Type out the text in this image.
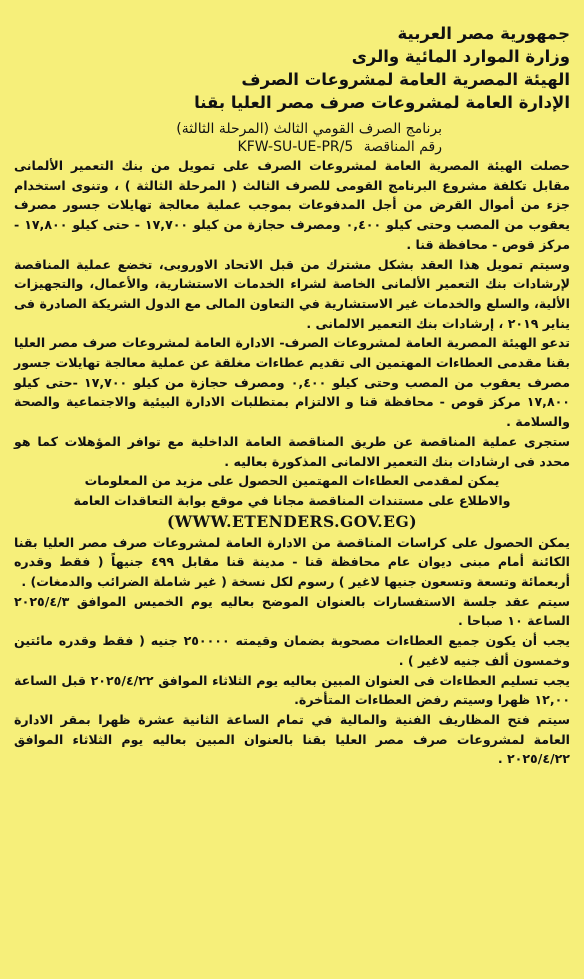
جمهورية مصر العربية
وزارة الموارد المائية والرى
الهيئة المصرية العامة لمشروعات الصرف
الإدارة العامة لمشروعات صرف مصر العليا بقنا
برنامج الصرف القومي الثالث (المرحلة الثالثة)
رقم المناقصة KFW-SU-UE-PR/5

حصلت الهيئة المصرية العامة لمشروعات الصرف على تمويل من بنك التعمير الألمانى مقابل تكلفة مشروع البرنامج القومى للصرف الثالث ( المرحلة الثالثة ) ، وتنوى استخدام جزء من أموال القرض من أجل المدفوعات بموجب عملية معالجة تهايلات جسور مصرف يعقوب من المصب وحتى كيلو ٠,٤٠٠ ومصرف حجازة من كيلو ١٧,٧٠٠ - حتى كيلو ١٧,٨٠٠ - مركز قوص - محافظة قنا .

وسيتم تمويل هذا العقد بشكل مشترك من قبل الاتحاد الاوروبى، تخضع عملية المناقصة لإرشادات بنك التعمير الألمانى الخاصة لشراء الخدمات الاستشارية، والأعمال، والتجهيزات الألية، والسلع والخدمات غير الاستشارية في التعاون المالى مع الدول الشريكة الصادرة فى يناير ٢٠١٩ ، إرشادات بنك التعمير الالمانى .

تدعو الهيئة المصرية العامة لمشروعات الصرف- الادارة العامة لمشروعات صرف مصر العليا بقنا مقدمى العطاءات المهتمين الى تقديم عطاءات مغلقة عن عملية معالجة تهايلات جسور مصرف يعقوب من المصب وحتى كيلو ٠,٤٠٠ ومصرف حجازة من كيلو ١٧,٧٠٠ -حتى كيلو ١٧,٨٠٠ مركز قوص - محافظة قنا و الالتزام بمتطلبات الادارة البيئية والاجتماعية والصحة والسلامة .

ستجرى عملية المناقصة عن طريق المناقصة العامة الداخلية مع توافر المؤهلات كما هو محدد فى ارشادات بنك التعمير الالمانى المذكورة بعاليه .

يمكن لمقدمى العطاءات المهتمين الحصول على مزيد من المعلومات

والاطلاع على مستندات المناقصة مجانا في موقع بوابة التعاقدات العامة

(WWW.ETENDERS.GOV.EG)

يمكن الحصول على كراسات المناقصة من الادارة العامة لمشروعات صرف مصر العليا بقنا الكائنة أمام مبنى ديوان عام محافظة قنا - مدينة قنا مقابل ٤٩٩ جنيهاً ( فقط وقدره أربعمائة وتسعة وتسعون جنيها لاغير ) رسوم لكل نسخة ( غير شاملة الضرائب والدمغات) .

سيتم عقد جلسة الاستفسارات بالعنوان الموضح بعاليه يوم الخميس الموافق ٢٠٢٥/٤/٣ الساعة ١٠ صباحا .

يجب أن يكون جميع العطاءات مصحوبة بضمان وقيمته ٢٥٠٠٠٠ جنيه ( فقط وقدره مائتين وخمسون ألف جنيه لاغير ) .

يجب تسليم العطاءات فى العنوان المبين بعاليه يوم الثلاثاء الموافق ٢٠٢٥/٤/٢٢ قبل الساعة ١٢,٠٠ ظهرا وسيتم رفض العطاءات المتأخرة.

سيتم فتح المظاريف الفنية والمالية في تمام الساعة الثانية عشرة ظهرا بمقر الادارة العامة لمشروعات صرف مصر العليا بقنا بالعنوان المبين بعاليه يوم الثلاثاء الموافق ٢٠٢٥/٤/٢٢ .
